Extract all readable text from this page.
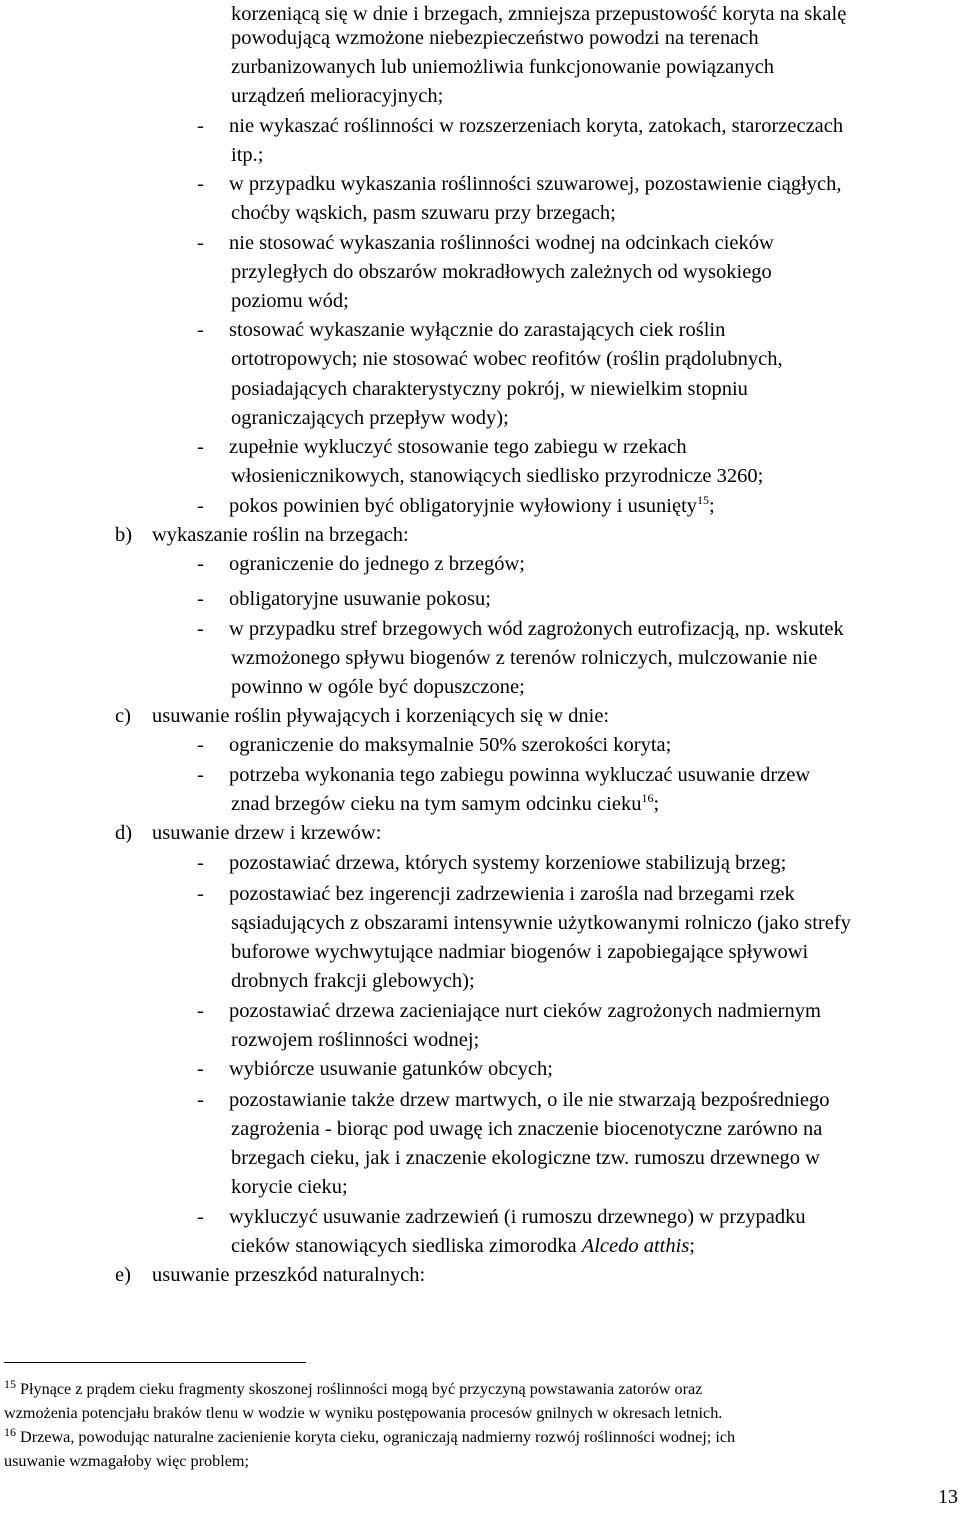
korzeniącą się w dnie i brzegach, zmniejsza przepustowość koryta na skalę
powodującą wzmożone niebezpieczeństwo powodzi na terenach
zurbanizowanych lub uniemożliwia funkcjonowanie powiązanych
urządzeń melioracyjnych;
- nie wykaszać roślinności w rozszerzeniach koryta, zatokach, starorzeczach
itp.;
- w przypadku wykaszania roślinności szuwarowej, pozostawienie ciągłych,
choćby wąskich, pasm szuwaru przy brzegach;
- nie stosować wykaszania roślinności wodnej na odcinkach cieków
przyległych do obszarów mokradłowych zależnych od wysokiego
poziomu wód;
- stosować wykaszanie wyłącznie do zarastających ciek roślin
ortotropowych; nie stosować wobec reofitów (roślin prądolubnych,
posiadających charakterystyczny pokrój, w niewielkim stopniu
ograniczających przepływ wody);
- zupełnie wykluczyć stosowanie tego zabiegu w rzekach
włosienicznikowych, stanowiących siedlisko przyrodnicze 3260;
- pokos powinien być obligatoryjnie wyłowiony i usunięty$^{15}$;
b) wykaszanie roślin na brzegach:
- ograniczenie do jednego z brzegów;
- obligatoryjne usuwanie pokosu;
- w przypadku stref brzegowych wód zagrożonych eutrofizacją, np. wskutek
wzmożonego spływu biogenów z terenów rolniczych, mulczowanie nie
powinno w ogóle być dopuszczone;
c) usuwanie roślin pływających i korzeniących się w dnie:
- ograniczenie do maksymalnie 50% szerokości koryta;
- potrzeba wykonania tego zabiegu powinna wykluczać usuwanie drzew
znad brzegów cieku na tym samym odcinku cieku$^{16}$;
d) usuwanie drzew i krzewów:
- pozostawiać drzewa, których systemy korzeniowe stabilizują brzeg;
- pozostawiać bez ingerencji zadrzewienia i zarośla nad brzegami rzek
sąsiadujących z obszarami intensywnie użytkowanymi rolniczo (jako strefy
buforowe wychwytujące nadmiar biogenów i zapobiegające spływowi
drobnych frakcji glebowych);
- pozostawiać drzewa zacieniające nurt cieków zagrożonych nadmiernym
rozwojem roślinności wodnej;
- wybiórcze usuwanie gatunków obcych;
- pozostawianie także drzew martwych, o ile nie stwarzają bezpośredniego
zagrożenia - biorąc pod uwagę ich znaczenie biocenotyczne zarówno na
brzegach cieku, jak i znaczenie ekologiczne tzw. rumoszu drzewnego w
korycie cieku;
- wykluczyć usuwanie zadrzewień (i rumoszu drzewnego) w przypadku
cieków stanowiących siedliska zimorodka Alcedo atthis;
e) usuwanie przeszkód naturalnych:
$^{15}$ Płynące z prądem cieku fragmenty skoszonej roślinności mogą być przyczyną powstawania zatorów oraz
wzmożenia potencjału braków tlenu w wodzie w wyniku postępowania procesów gnilnych w okresach letnich.
$^{16}$ Drzewa, powodując naturalne zacienienie koryta cieku, ograniczają nadmierny rozwój roślinności wodnej; ich
usuwanie wzmagałoby więc problem;
13
